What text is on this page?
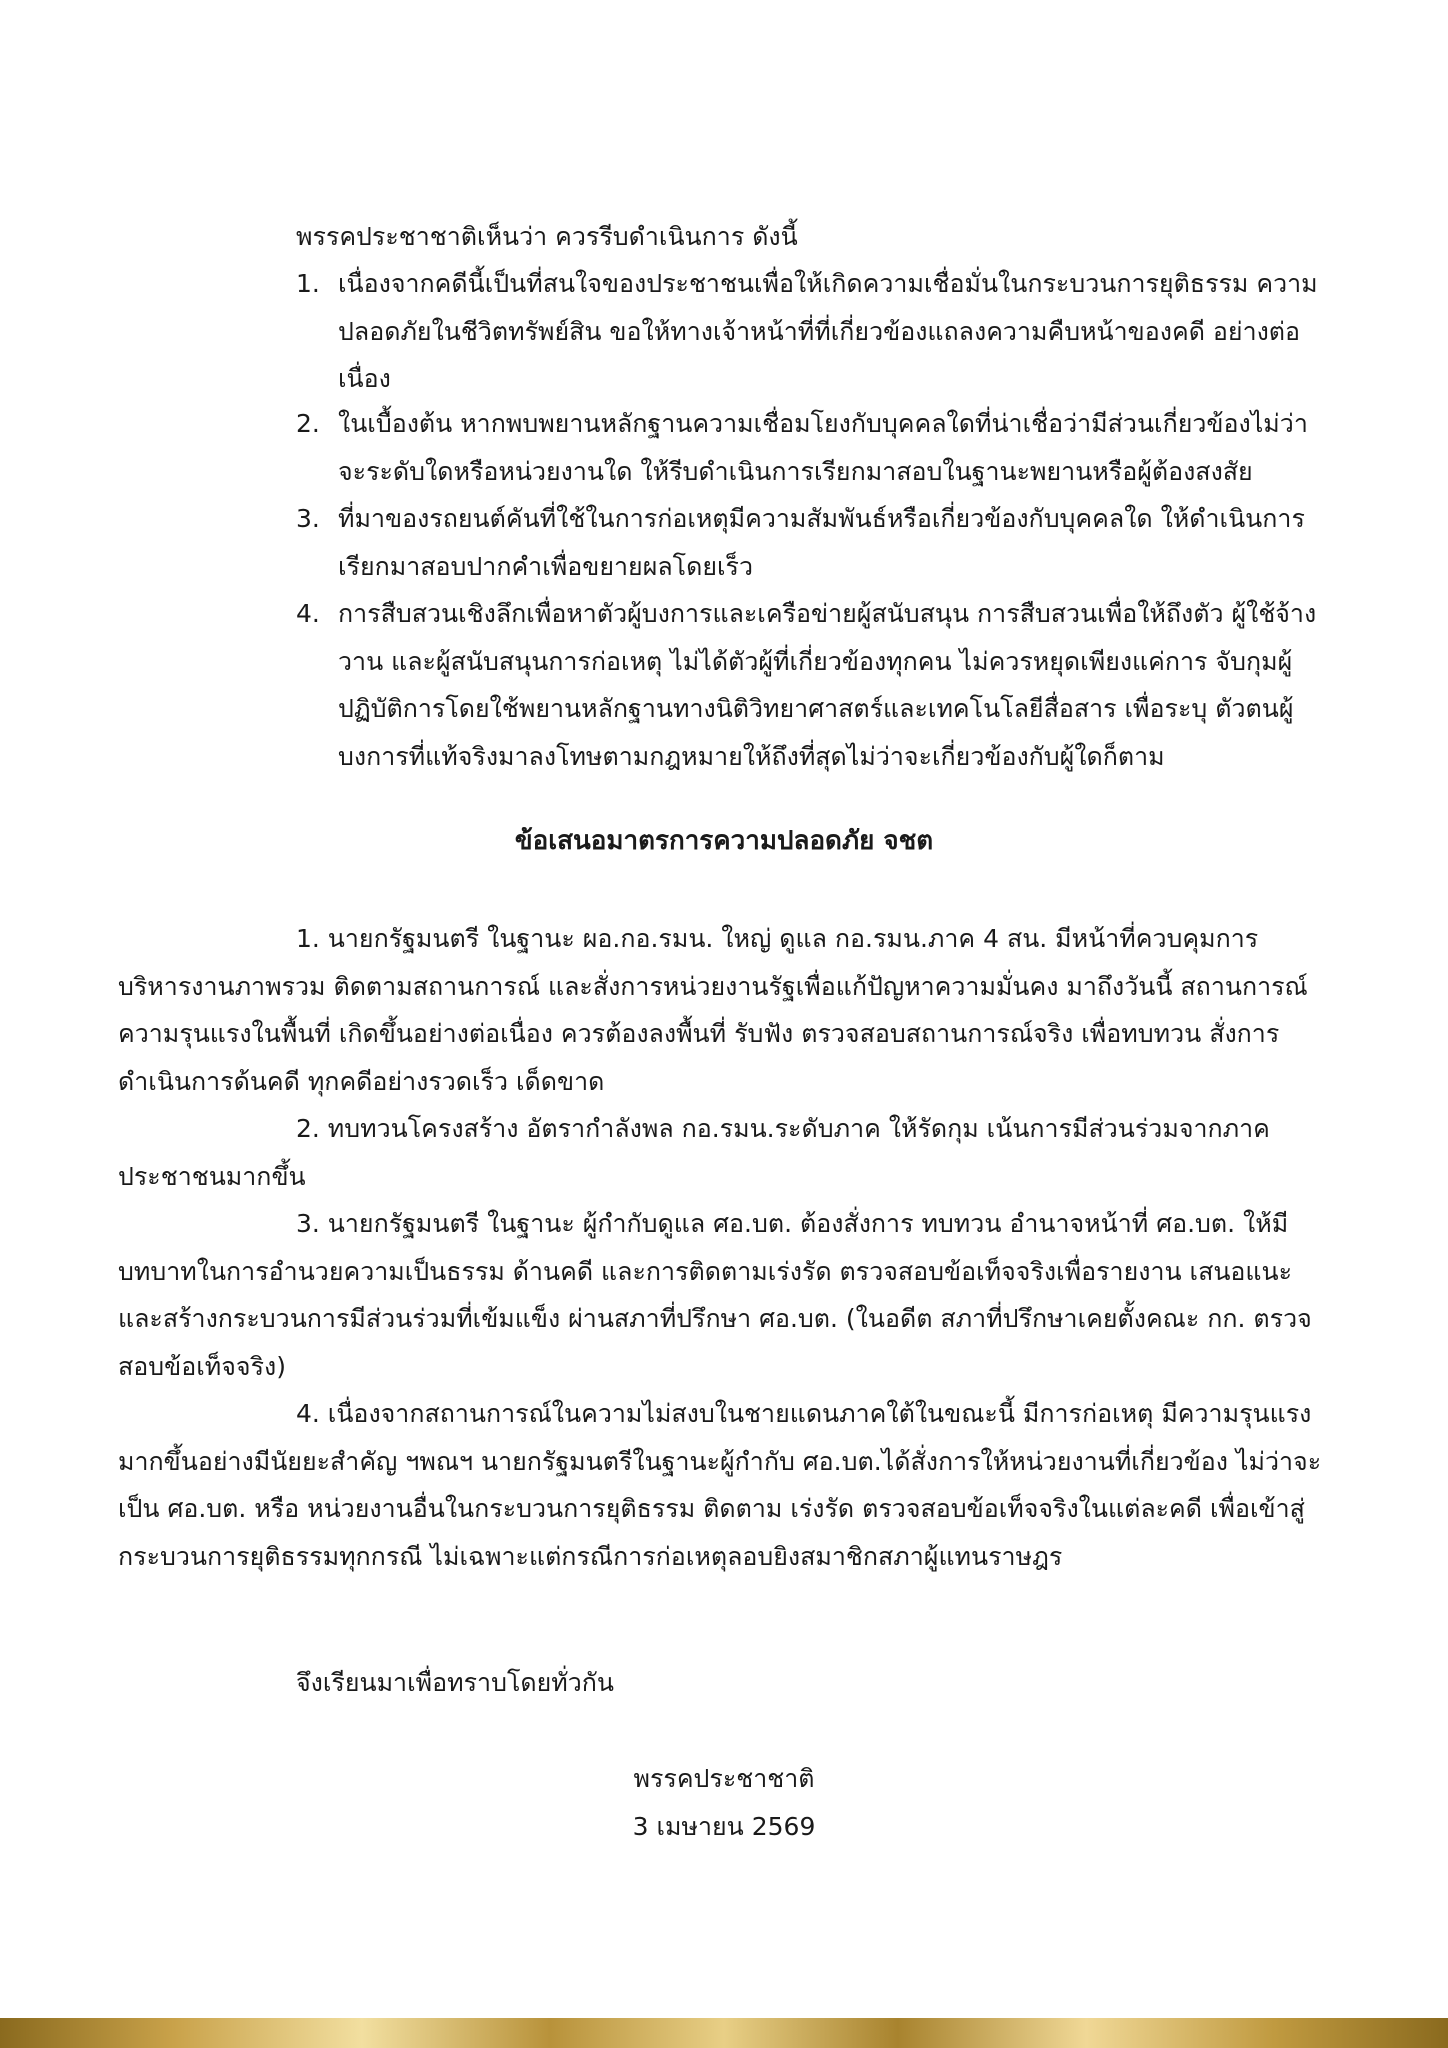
พรรคประชาชาติเห็นว่า ควรรีบดำเนินการ ดังนี้
1. เนื่องจากคดีนี้เป็นที่สนใจของประชาชนเพื่อให้เกิดความเชื่อมั่นในกระบวนการยุติธรรม ความปลอดภัยในชีวิตทรัพย์สิน ขอให้ทางเจ้าหน้าที่ที่เกี่ยวข้องแถลงความคืบหน้าของคดี อย่างต่อเนื่อง
2. ในเบื้องต้น หากพบพยานหลักฐานความเชื่อมโยงกับบุคคลใดที่น่าเชื่อว่ามีส่วนเกี่ยวข้องไม่ว่า จะระดับใดหรือหน่วยงานใด ให้รีบดำเนินการเรียกมาสอบในฐานะพยานหรือผู้ต้องสงสัย
3. ที่มาของรถยนต์คันที่ใช้ในการก่อเหตุมีความสัมพันธ์หรือเกี่ยวข้องกับบุคคลใด ให้ดำเนินการ เรียกมาสอบปากคำเพื่อขยายผลโดยเร็ว
4. การสืบสวนเชิงลึกเพื่อหาตัวผู้บงการและเครือข่ายผู้สนับสนุน การสืบสวนเพื่อให้ถึงตัว ผู้ใช้จ้างวาน และผู้สนับสนุนการก่อเหตุ ไม่ได้ตัวผู้ที่เกี่ยวข้องทุกคน ไม่ควรหยุดเพียงแค่การ จับกุมผู้ปฏิบัติการโดยใช้พยานหลักฐานทางนิติวิทยาศาสตร์และเทคโนโลยีสื่อสาร เพื่อระบุ ตัวตนผู้บงการที่แท้จริงมาลงโทษตามกฎหมายให้ถึงที่สุดไม่ว่าจะเกี่ยวข้องกับผู้ใดก็ตาม
ข้อเสนอมาตรการความปลอดภัย จชต
1. นายกรัฐมนตรี ในฐานะ ผอ.กอ.รมน. ใหญ่ ดูแล กอ.รมน.ภาค 4 สน. มีหน้าที่ควบคุมการ บริหารงานภาพรวม ติดตามสถานการณ์ และสั่งการหน่วยงานรัฐเพื่อแก้ปัญหาความมั่นคง มาถึงวันนี้ สถานการณ์ ความรุนแรงในพื้นที่ เกิดขึ้นอย่างต่อเนื่อง ควรต้องลงพื้นที่ รับฟัง ตรวจสอบสถานการณ์จริง เพื่อทบทวน สั่งการ ดำเนินการด้นคดี ทุกคดีอย่างรวดเร็ว เด็ดขาด
2. ทบทวนโครงสร้าง อัตรากำลังพล กอ.รมน.ระดับภาค ให้รัดกุม เน้นการมีส่วนร่วมจากภาค ประชาชนมากขึ้น
3. นายกรัฐมนตรี ในฐานะ ผู้กำกับดูแล ศอ.บต. ต้องสั่งการ ทบทวน อำนาจหน้าที่ ศอ.บต. ให้มี บทบาทในการอำนวยความเป็นธรรม ด้านคดี และการติดตามเร่งรัด ตรวจสอบข้อเท็จจริงเพื่อรายงาน เสนอแนะ และสร้างกระบวนการมีส่วนร่วมที่เข้มแข็ง ผ่านสภาที่ปรึกษา ศอ.บต. (ในอดีต สภาที่ปรึกษาเคยตั้งคณะ กก. ตรวจสอบข้อเท็จจริง)
4. เนื่องจากสถานการณ์ในความไม่สงบในชายแดนภาคใต้ในขณะนี้ มีการก่อเหตุ มีความรุนแรง มากขึ้นอย่างมีนัยยะสำคัญ ฯพณฯ นายกรัฐมนตรีในฐานะผู้กำกับ ศอ.บต.ได้สั่งการให้หน่วยงานที่เกี่ยวข้อง ไม่ว่าจะเป็น ศอ.บต. หรือ หน่วยงานอื่นในกระบวนการยุติธรรม ติดตาม เร่งรัด ตรวจสอบข้อเท็จจริงในแต่ละคดี เพื่อเข้าสู่กระบวนการยุติธรรมทุกกรณี ไม่เฉพาะแต่กรณีการก่อเหตุลอบยิงสมาชิกสภาผู้แทนราษฎร
จึงเรียนมาเพื่อทราบโดยทั่วกัน
พรรคประชาชาติ
3 เมษายน 2569
